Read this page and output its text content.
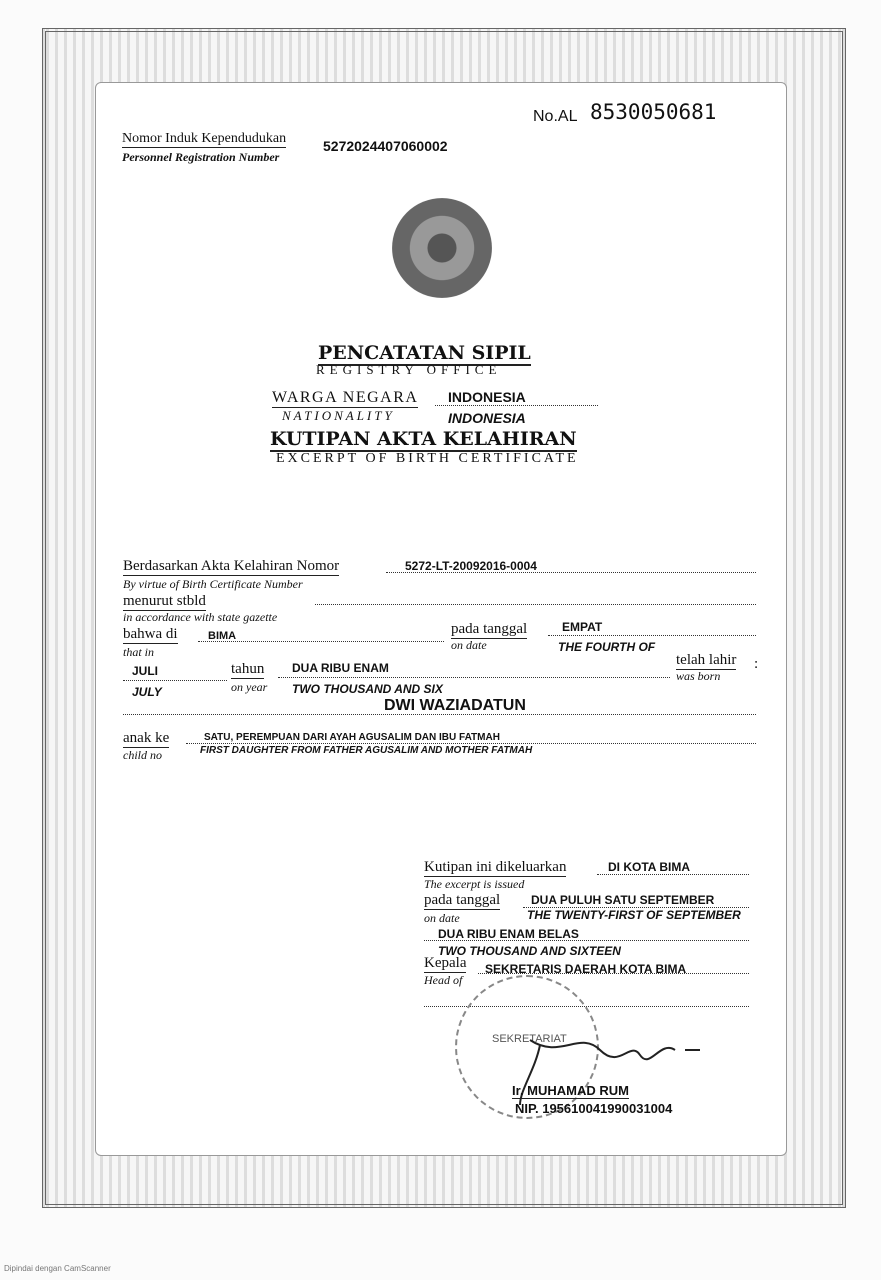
No.AL 8530050681
Nomor Induk Kependudukan
Personnel Registration Number
5272024407060002
PENCATATAN SIPIL
REGISTRY OFFICE
WARGA NEGARA
NATIONALITY
INDONESIA
INDONESIA
KUTIPAN AKTA KELAHIRAN
EXCERPT OF BIRTH CERTIFICATE
Berdasarkan Akta Kelahiran Nomor
By virtue of Birth Certificate Number
5272-LT-20092016-0004
menurut stbld
in accordance with state gazette
bahwa di
that in
BIMA	pada tanggal
on date
EMPAT
THE FOURTH OF
JULI
JULY
tahun
on year
DUA RIBU ENAM
TWO THOUSAND AND SIX
telah lahir
was born
:
DWI WAZIADATUN
anak ke
child no
SATU, PEREMPUAN DARI AYAH AGUSALIM DAN IBU FATMAH
FIRST DAUGHTER FROM FATHER AGUSALIM AND MOTHER FATMAH
Kutipan ini dikeluarkan
The excerpt is issued
DI KOTA BIMA
pada tanggal
on date
DUA PULUH SATU SEPTEMBER
THE TWENTY-FIRST OF SEPTEMBER
DUA RIBU ENAM BELAS
TWO THOUSAND AND SIXTEEN
Kepala
Head of
SEKRETARIS DAERAH KOTA BIMA
SEKRETARIAT
Ir. MUHAMAD RUM
NIP. 195610041990031004
Dipindai dengan CamScanner
